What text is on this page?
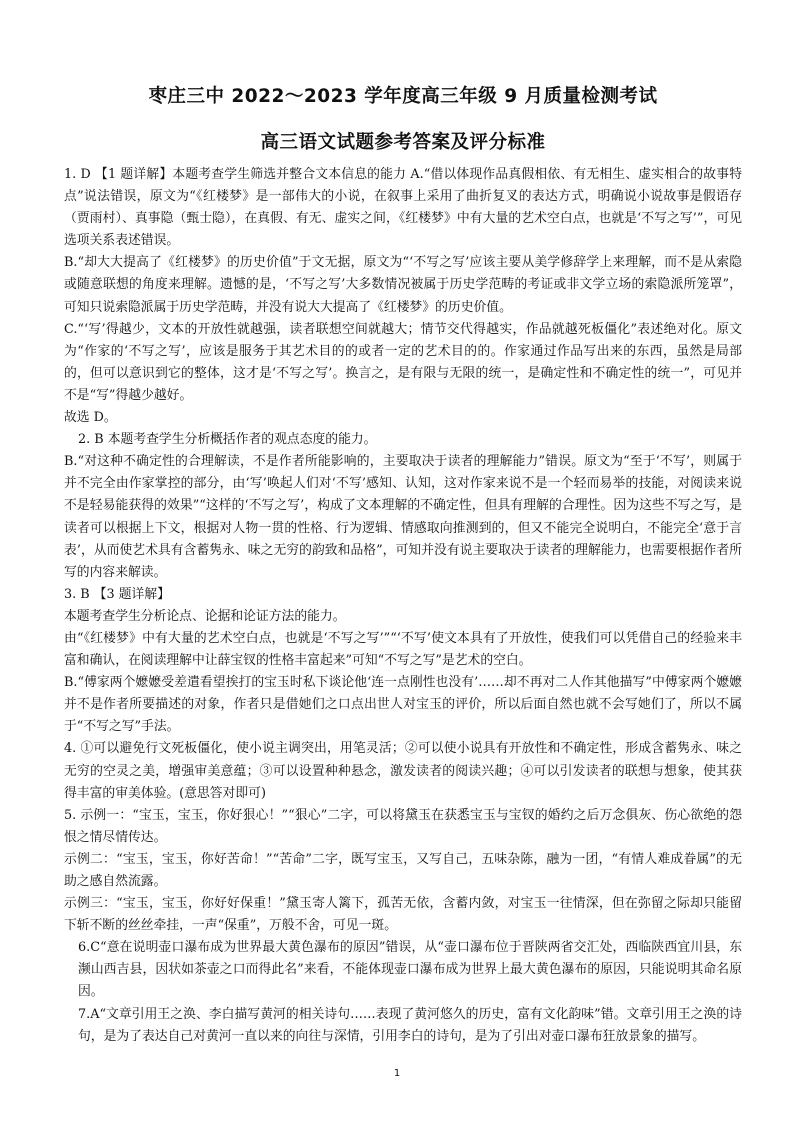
枣庄三中 2022～2023 学年度高三年级 9 月质量检测考试
高三语文试题参考答案及评分标准

1. D 【1 题详解】本题考查学生筛选并整合文本信息的能力 A.“借以体现作品真假相依、有无相生、虚实相合的故事特点”说法错误，原文为“《红楼梦》是一部伟大的小说，在叙事上采用了曲折复叉的表达方式，明确说小说故事是假语存（贾雨村）、真事隐（甄士隐），在真假、有无、虚实之间，《红楼梦》中有大量的艺术空白点，也就是‘不写之写’”，可见选项关系表述错误。

B.“却大大提高了《红楼梦》的历史价值”于文无据，原文为“‘不写之写’应该主要从美学修辞学上来理解，而不是从索隐或随意联想的角度来理解。遗憾的是，‘不写之写’大多数情况被属于历史学范畴的考证或非文学立场的索隐派所笼罩”，可知只说索隐派属于历史学范畴，并没有说大大提高了《红楼梦》的历史价值。

C.“‘写’得越少，文本的开放性就越强，读者联想空间就越大；情节交代得越实，作品就越死板僵化”表述绝对化。原文为“作家的‘不写之写’，应该是服务于其艺术目的的或者一定的艺术目的的。作家通过作品写出来的东西，虽然是局部的，但可以意识到它的整体，这才是‘不写之写’。换言之，是有限与无限的统一，是确定性和不确定性的统一”，可见并不是“写”得越少越好。

故选 D。

2. B 本题考查学生分析概括作者的观点态度的能力。

B.“对这种不确定性的合理解读，不是作者所能影响的，主要取决于读者的理解能力”错误。原文为“至于‘不写’，则属于并不完全由作家掌控的部分，由‘写’唤起人们对‘不写’感知、认知，这对作家来说不是一个轻而易举的技能，对阅读来说不是轻易能获得的效果”“这样的‘不写之写’，构成了文本理解的不确定性，但具有理解的合理性。因为这些不写之写，是读者可以根据上下文，根据对人物一贯的性格、行为逻辑、情感取向推测到的，但又不能完全说明白，不能完全‘意于言表’，从而使艺术具有含蓄隽永、味之无穷的韵致和品格”，可知并没有说主要取决于读者的理解能力，也需要根据作者所写的内容来解读。

3. B 【3 题详解】

本题考查学生分析论点、论据和论证方法的能力。

由“《红楼梦》中有大量的艺术空白点，也就是‘不写之写’”“‘不写’使文本具有了开放性，使我们可以凭借自己的经验来丰富和确认，在阅读理解中让薛宝钗的性格丰富起来”可知“不写之写”是艺术的空白。

B.“傅家两个嬷嬷受差遣看望挨打的宝玉时私下谈论他‘连一点刚性也没有’……却不再对二人作其他描写”中傅家两个嬷嬷并不是作者所要描述的对象，作者只是借她们之口点出世人对宝玉的评价，所以后面自然也就不会写她们了，所以不属于“不写之写”手法。

4. ①可以避免行文死板僵化，使小说主调突出，用笔灵活；②可以使小说具有开放性和不确定性，形成含蓄隽永、味之无穷的空灵之美，增强审美意蕴；③可以设置种种悬念，激发读者的阅读兴趣；④可以引发读者的联想与想象，使其获得丰富的审美体验。(意思答对即可)

5. 示例一：“宝玉，宝玉，你好狠心！”“狠心”二字，可以将黛玉在获悉宝玉与宝钗的婚约之后万念俱灰、伤心欲绝的怨恨之情尽情传达。

示例二：“宝玉，宝玉，你好苦命！”“苦命”二字，既写宝玉，又写自己，五味杂陈，融为一团，“有情人难成眷属”的无助之感自然流露。

示例三：“宝玉，宝玉，你好好保重！”黛玉寄人篱下，孤苦无依，含蓄内敛，对宝玉一往情深，但在弥留之际却只能留下斩不断的丝丝牵挂，一声“保重”，万般不舍，可见一斑。

6.C“意在说明壶口瀑布成为世界最大黄色瀑布的原因”错误，从“壶口瀑布位于晋陕两省交汇处，西临陕西宜川县，东濒山西吉县，因状如茶壶之口而得此名”来看，不能体现壶口瀑布成为世界上最大黄色瀑布的原因，只能说明其命名原因。

7.A“文章引用王之涣、李白描写黄河的相关诗句……表现了黄河悠久的历史，富有文化韵味”错。文章引用王之涣的诗句，是为了表达自己对黄河一直以来的向往与深情，引用李白的诗句，是为了引出对壶口瀑布狂放景象的描写。

1
